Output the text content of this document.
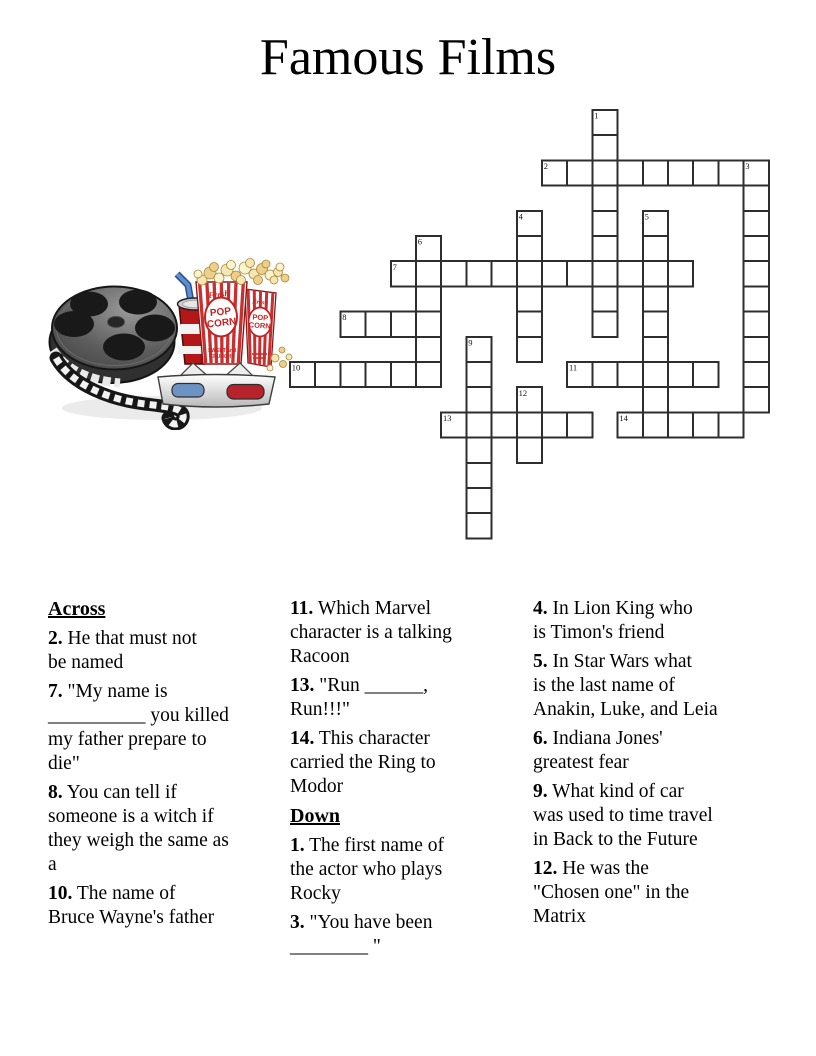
Famous Films
1
2	3
4	5
6
7
8
9
10	11
12
13	14
Fresh
POP
CORN
Fresh
POP
CORN
SWEET and
CRUNCHY
Across
2. He that must not
be named
7. "My name is
__________ you killed
my father prepare to
die"
8. You can tell if
someone is a witch if
they weigh the same as
a
10. The name of
Bruce Wayne's father
11. Which Marvel
character is a talking
Racoon
13. "Run ______,
Run!!!"
14. This character
carried the Ring to
Modor
Down
1. The first name of
the actor who plays
Rocky
3. "You have been
________ "
4. In Lion King who
is Timon's friend
5. In Star Wars what
is the last name of
Anakin, Luke, and Leia
6. Indiana Jones'
greatest fear
9. What kind of car
was used to time travel
in Back to the Future
12. He was the
"Chosen one" in the
Matrix
